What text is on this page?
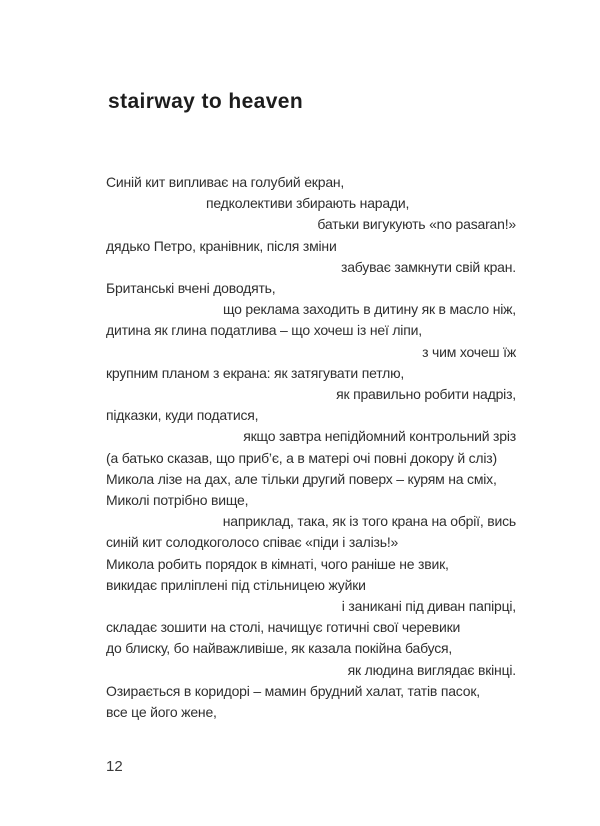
stairway to heaven
Синій кит випливає на голубий екран,
педколективи збирають наради,
батьки вигукують «no pasaran!»
дядько Петро, кранівник, після зміни
забуває замкнути свій кран.
Британські вчені доводять,
що реклама заходить в дитину як в масло ніж,
дитина як глина податлива – що хочеш із неї ліпи,
з чим хочеш їж
крупним планом з екрана: як затягувати петлю,
як правильно робити надріз,
підказки, куди податися,
якщо завтра непідйомний контрольний зріз
(а батько сказав, що приб’є, а в матері очі повні докору й сліз)
Микола лізе на дах, але тільки другий поверх – курям на сміх,
Миколі потрібно вище,
наприклад, така, як із того крана на обрії, вись
синій кит солодкоголосо співає «піди і залізь!»
Микола робить порядок в кімнаті, чого раніше не звик,
викидає приліплені під стільницею жуйки
і заникані під диван папірці,
складає зошити на столі, начищує готичні свої черевики
до блиску, бо найважливіше, як казала покійна бабуся,
як людина виглядає вкінці.
Озирається в коридорі – мамин брудний халат, татів пасок,
все це його жене,
12
